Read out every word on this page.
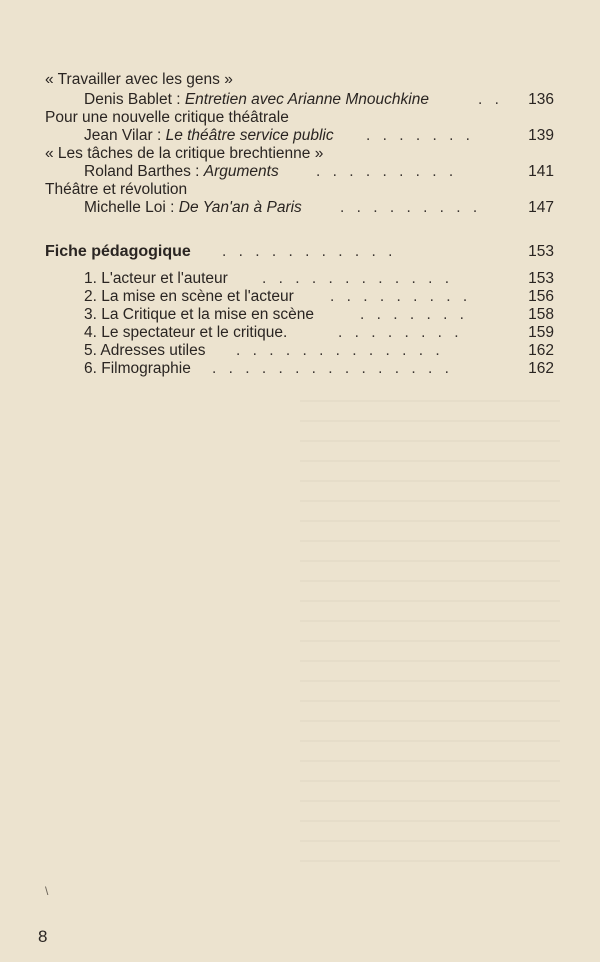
« Travailler avec les gens »
Denis Bablet : Entretien avec Arianne Mnouchkine	. .	136
Pour une nouvelle critique théâtrale
Jean Vilar : Le théâtre service public . . . . . . .	139
« Les tâches de la critique brechtienne »
Roland Barthes : Arguments . . . . . . . . .	141
Théâtre et révolution
Michelle Loi : De Yan'an à Paris . . . . . . . . .	147
Fiche pédagogique . . . . . . . . . . .	153
1. L'acteur et l'auteur . . . . . . . . . . . .	153
2. La mise en scène et l'acteur . . . . . . . . .	156
3. La Critique et la mise en scène	. . . . . . .	158
4. Le spectateur et le critique.	. . . . . . . .	159
5. Adresses utiles . . . . . . . . . . . . .	162
6. Filmographie . . . . . . . . . . . . . . .	162
\
8
